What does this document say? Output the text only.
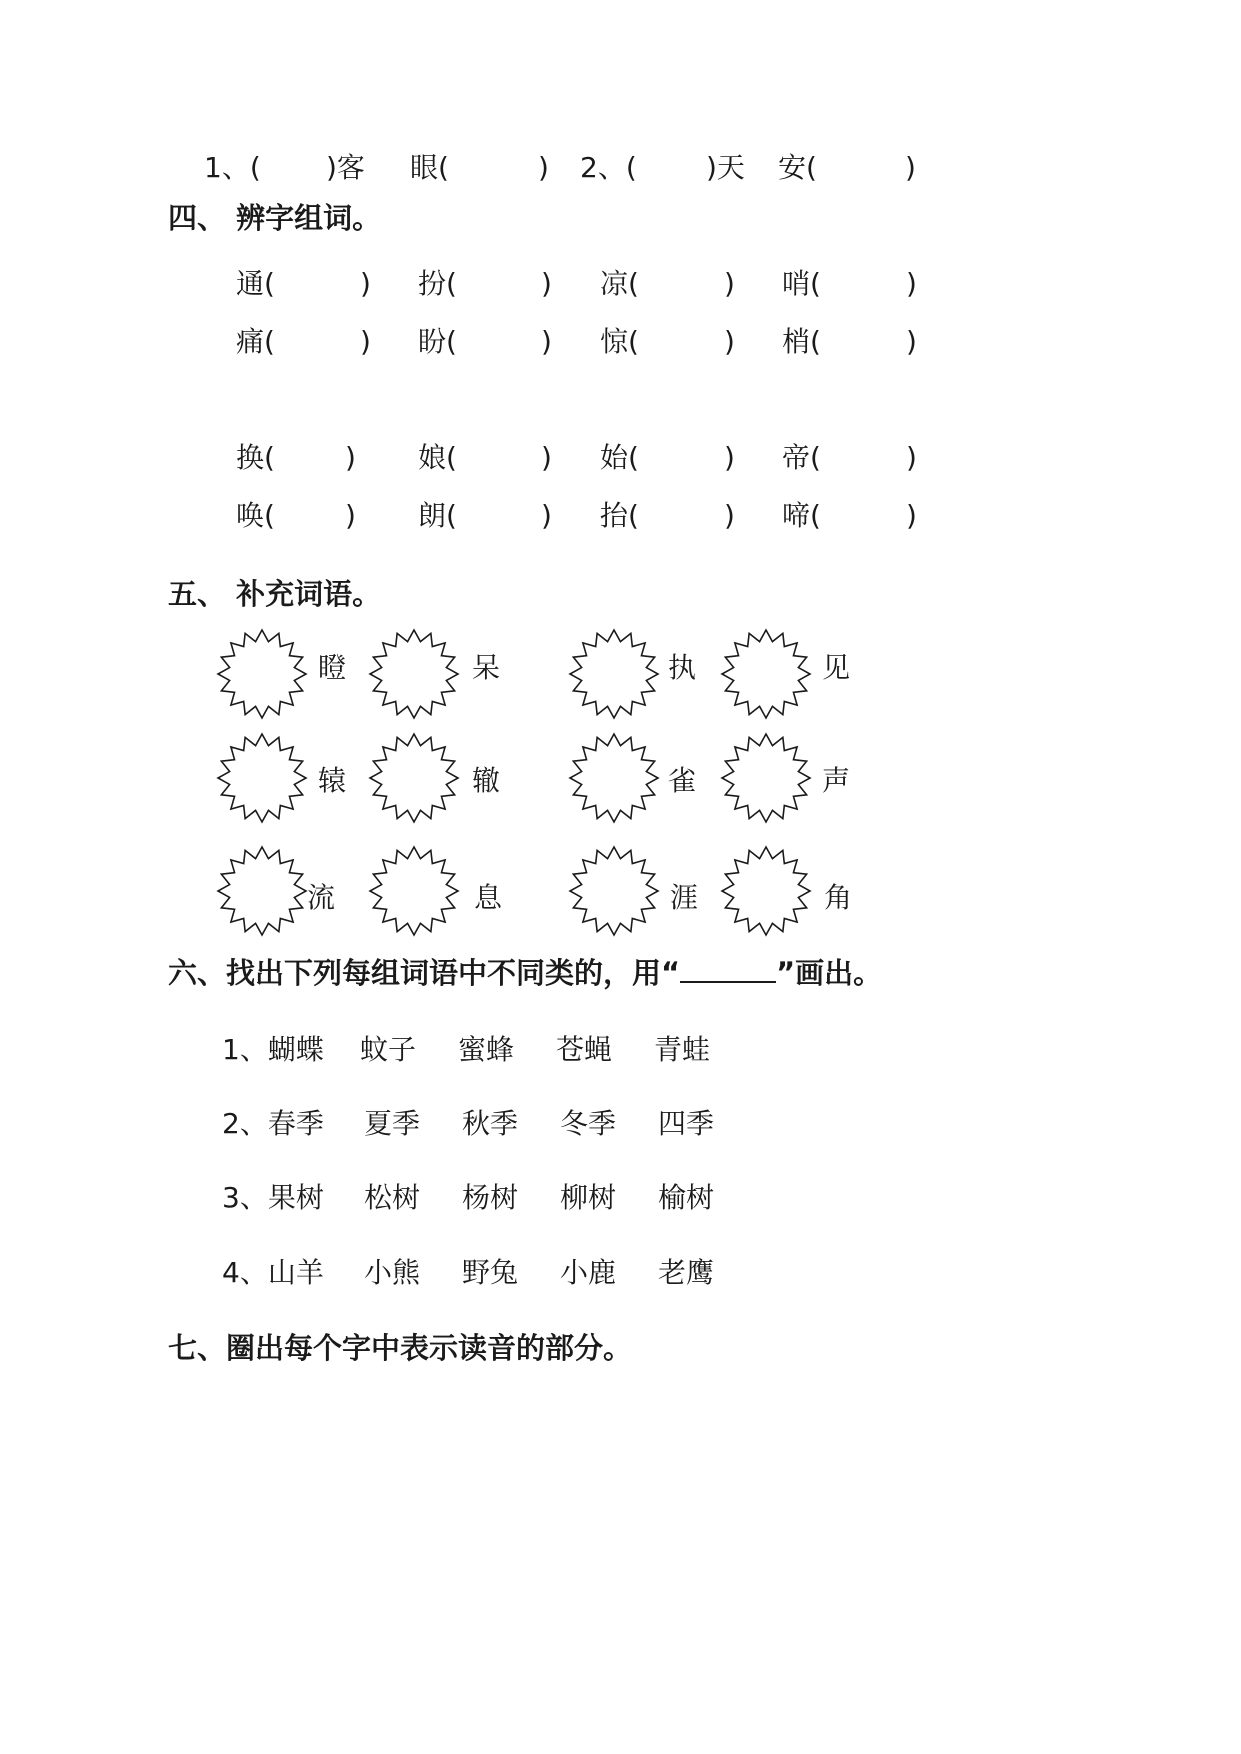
1、( )客 眼(	) 2、( )天 安(	)
四、 辨字组词。
通(	) 扮(	) 凉(	) 哨(	)
痛(	) 盼(	) 惊(	) 梢(	)
换(	) 娘(	) 始(	) 帝(	)
唤(	) 朗(	) 抬(	) 啼(	)
五、 补充词语。
瞪	呆	执	见
辕	辙	雀	声
流	息	涯	角
六、找出下列每组词语中不同类的，用“	”画出。
1、蝴蝶 蚊子 蜜蜂 苍蝇 青蛙
2、春季 夏季 秋季 冬季 四季
3、果树 松树 杨树 柳树 榆树
4、山羊 小熊 野兔 小鹿 老鹰
七、圈出每个字中表示读音的部分。
